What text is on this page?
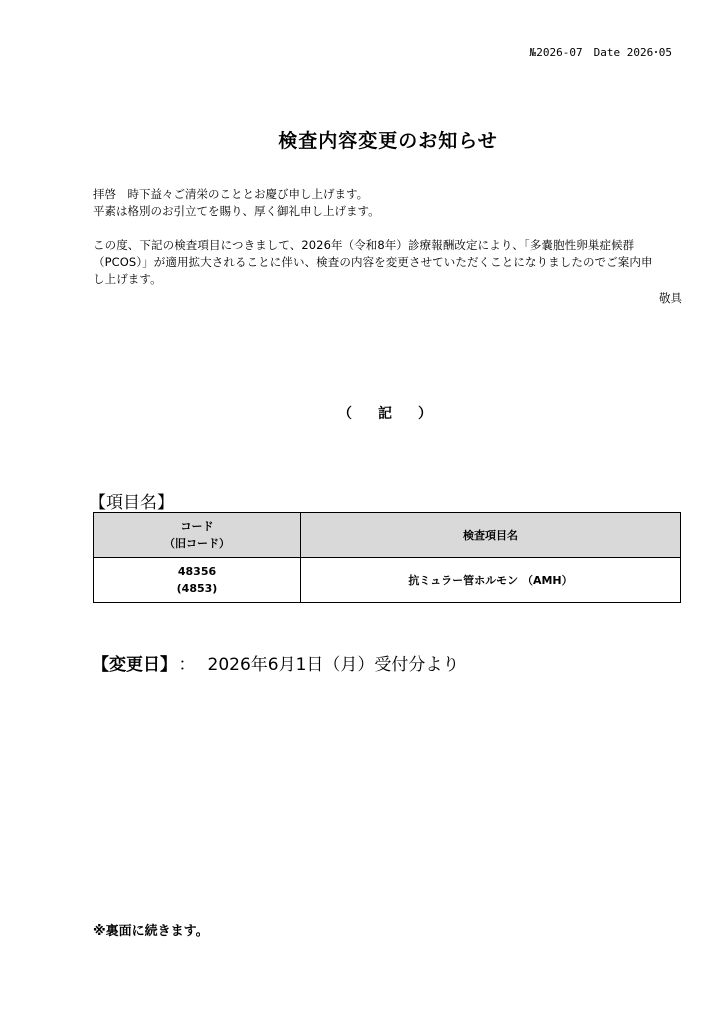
№2026-07　Date 2026･05
検査内容変更のお知らせ
拝啓　時下益々ご清栄のこととお慶び申し上げます。
平素は格別のお引立てを賜り、厚く御礼申し上げます。
この度、下記の検査項目につきまして、2026年（令和8年）診療報酬改定により、「多嚢胞性卵巣症候群
（PCOS）」が適用拡大されることに伴い、検査の内容を変更させていただくことになりましたのでご案内申
し上げます。
敬具
（　記　）
【項目名】
コード
（旧コード）	検査項目名

48356
(4853)	抗ミュラー管ホルモン （AMH）
【変更日】 ： 2026年6月1日（月）受付分より
※裏面に続きます。
